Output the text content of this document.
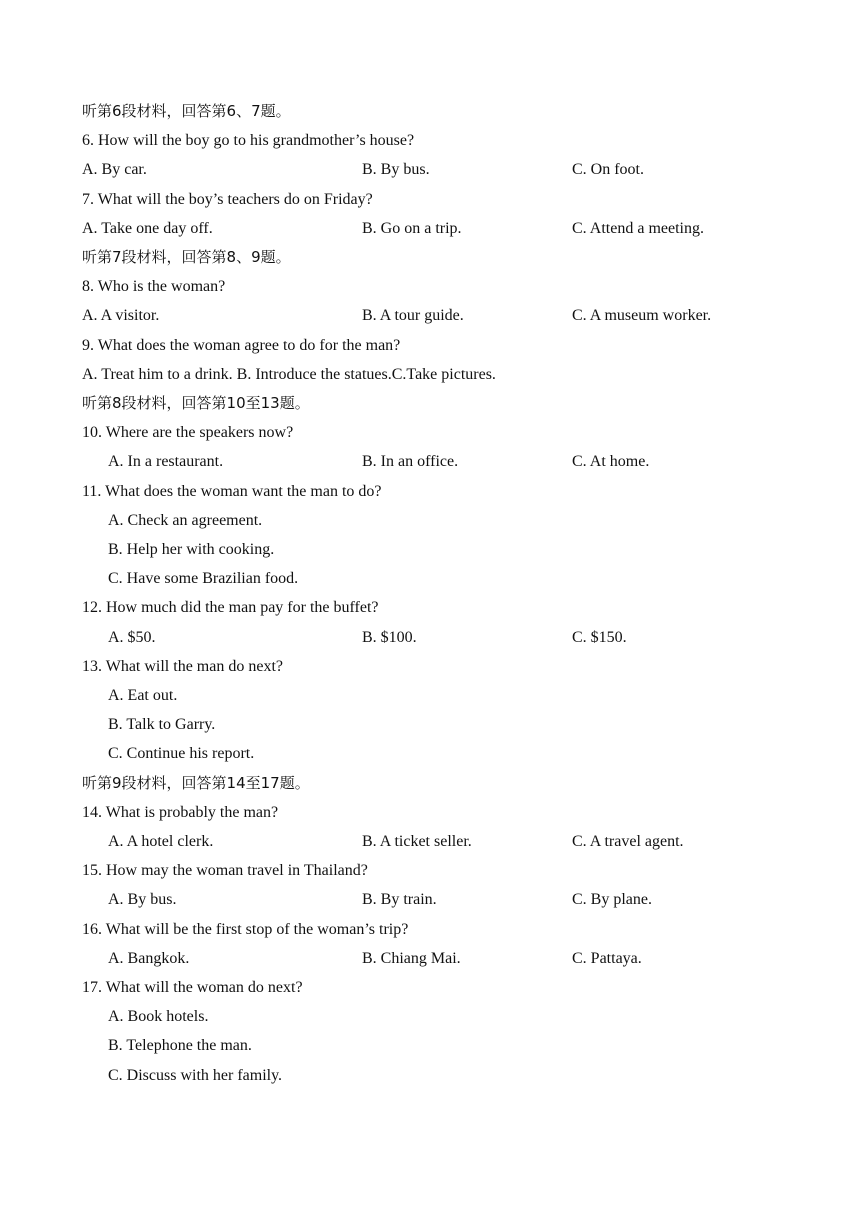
听第6段材料，回答第6、7题。
6. How will the boy go to his grandmother’s house?
A. By car.	B. By bus.	C. On foot.
7. What will the boy’s teachers do on Friday?
A. Take one day off.	B. Go on a trip.	C. Attend a meeting.
听第7段材料，回答第8、9题。
8. Who is the woman?
A. A visitor.	B. A tour guide.	C. A museum worker.
9. What does the woman agree to do for the man?
A. Treat him to a drink. B. Introduce the statues.C.Take pictures.
听第8段材料，回答第10至13题。
10. Where are the speakers now?
A. In a restaurant.	B. In an office.	C. At home.
11. What does the woman want the man to do?
A. Check an agreement.
B. Help her with cooking.
C. Have some Brazilian food.
12. How much did the man pay for the buffet?
A. $50.	B. $100.	C. $150.
13. What will the man do next?
A. Eat out.
B. Talk to Garry.
C. Continue his report.
听第9段材料，回答第14至17题。
14. What is probably the man?
A. A hotel clerk.	B. A ticket seller.	C. A travel agent.
15. How may the woman travel in Thailand?
A. By bus.	B. By train.	C. By plane.
16. What will be the first stop of the woman’s trip?
A. Bangkok.	B. Chiang Mai.	C. Pattaya.
17. What will the woman do next?
A. Book hotels.
B. Telephone the man.
C. Discuss with her family.
